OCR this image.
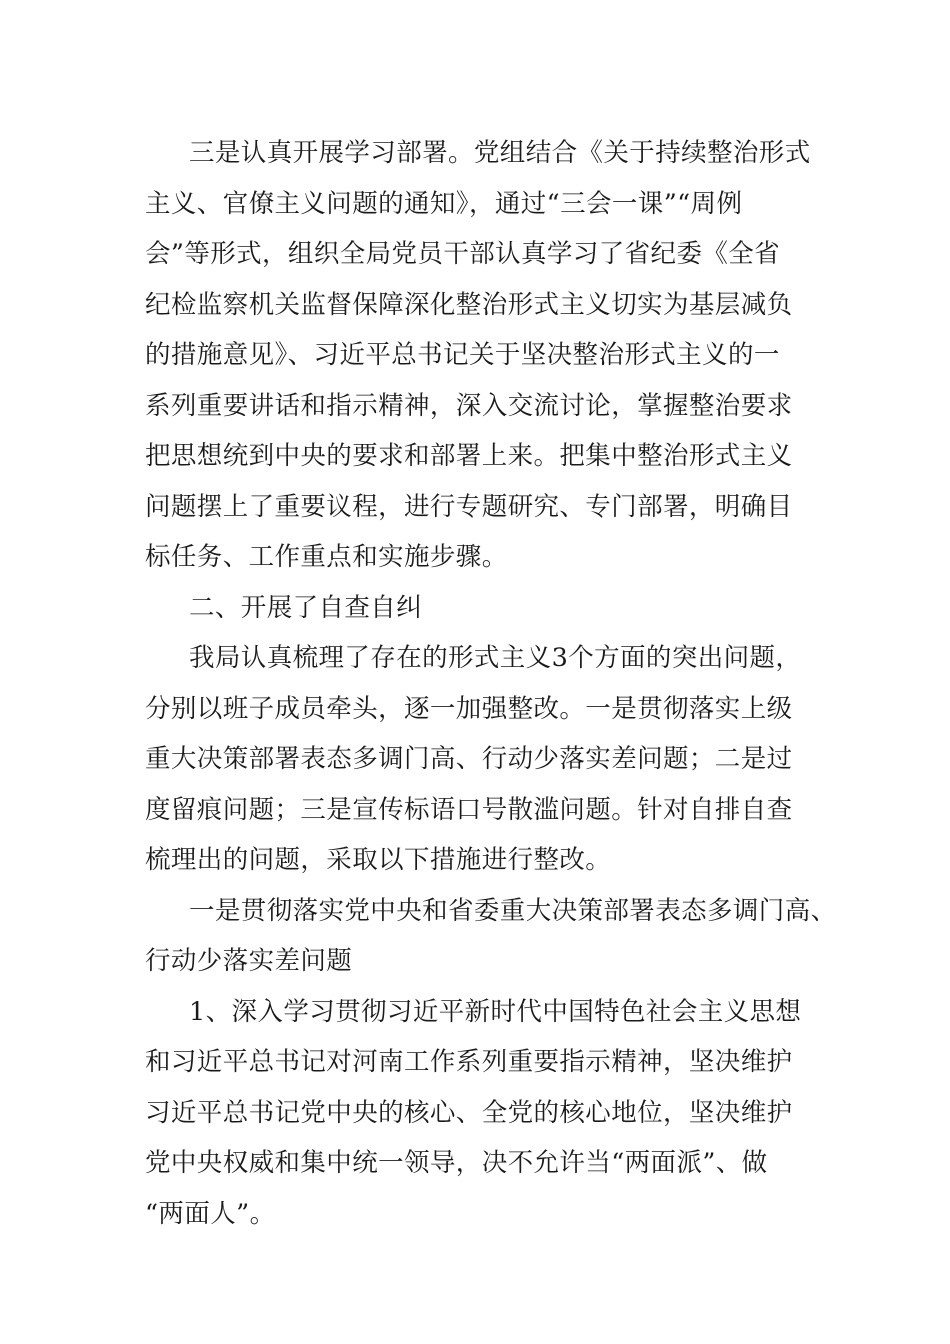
三是认真开展学习部署。党组结合《关于持续整治形式
主义、官僚主义问题的通知》，通过“三会一课”“周例
会”等形式，组织全局党员干部认真学习了省纪委《全省
纪检监察机关监督保障深化整治形式主义切实为基层减负
的措施意见》、习近平总书记关于坚决整治形式主义的一
系列重要讲话和指示精神，深入交流讨论，掌握整治要求
把思想统到中央的要求和部署上来。把集中整治形式主义
问题摆上了重要议程，进行专题研究、专门部署，明确目
标任务、工作重点和实施步骤。
二、开展了自查自纠
我局认真梳理了存在的形式主义3个方面的突出问题，
分别以班子成员牵头，逐一加强整改。一是贯彻落实上级
重大决策部署表态多调门高、行动少落实差问题；二是过
度留痕问题；三是宣传标语口号散滥问题。针对自排自查
梳理出的问题，采取以下措施进行整改。
一是贯彻落实党中央和省委重大决策部署表态多调门高、
行动少落实差问题
1、深入学习贯彻习近平新时代中国特色社会主义思想
和习近平总书记对河南工作系列重要指示精神，坚决维护
习近平总书记党中央的核心、全党的核心地位，坚决维护
党中央权威和集中统一领导，决不允许当“两面派”、做
“两面人”。
